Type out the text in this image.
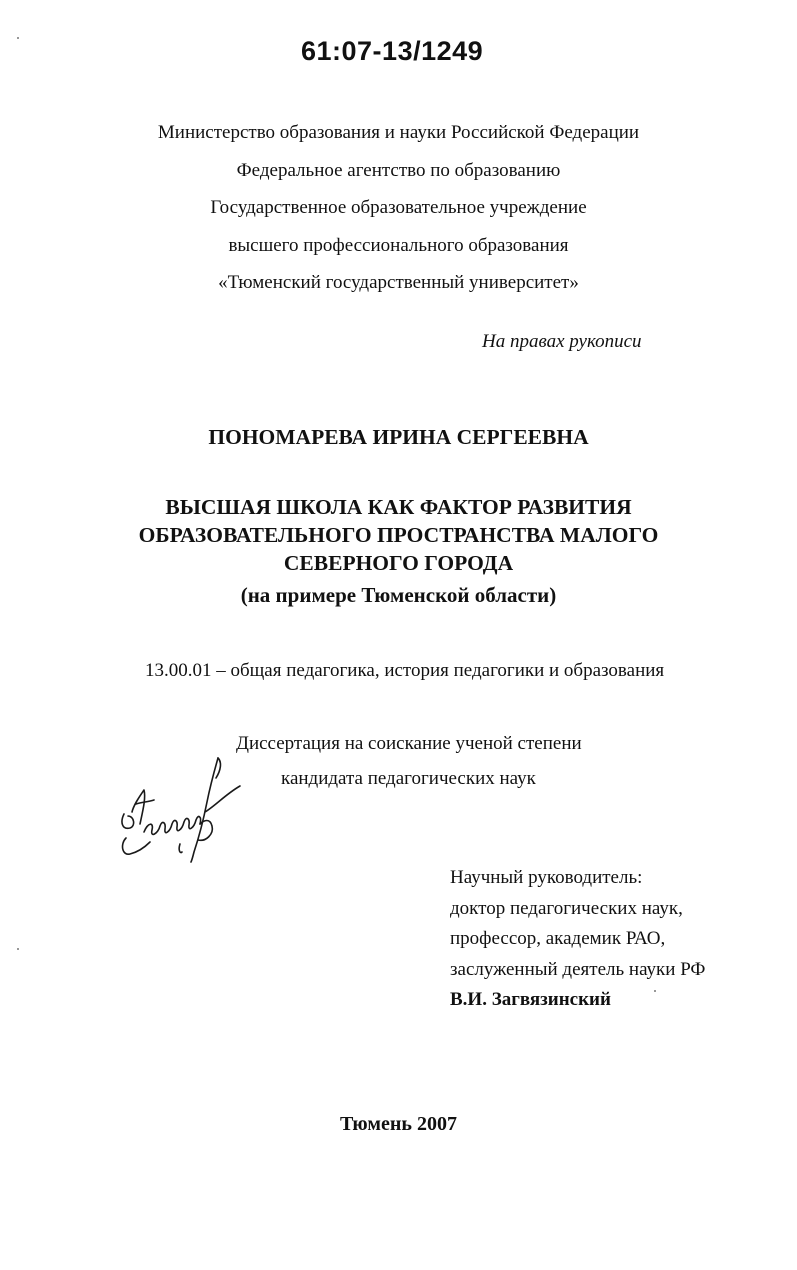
61:07-13/1249
Министерство образования и науки Российской Федерации
Федеральное агентство по образованию
Государственное образовательное учреждение
высшего профессионального образования
«Тюменский государственный университет»
На правах рукописи
ПОНОМАРЕВА ИРИНА СЕРГЕЕВНА
ВЫСШАЯ ШКОЛА КАК ФАКТОР РАЗВИТИЯ
ОБРАЗОВАТЕЛЬНОГО ПРОСТРАНСТВА МАЛОГО
СЕВЕРНОГО ГОРОДА
(на примере Тюменской области)
13.00.01 – общая педагогика, история педагогики и образования
Диссертация на соискание ученой степени
кандидата педагогических наук
Научный руководитель:
доктор педагогических наук,
профессор, академик РАО,
заслуженный деятель науки РФ
В.И. Загвязинский
Тюмень 2007
